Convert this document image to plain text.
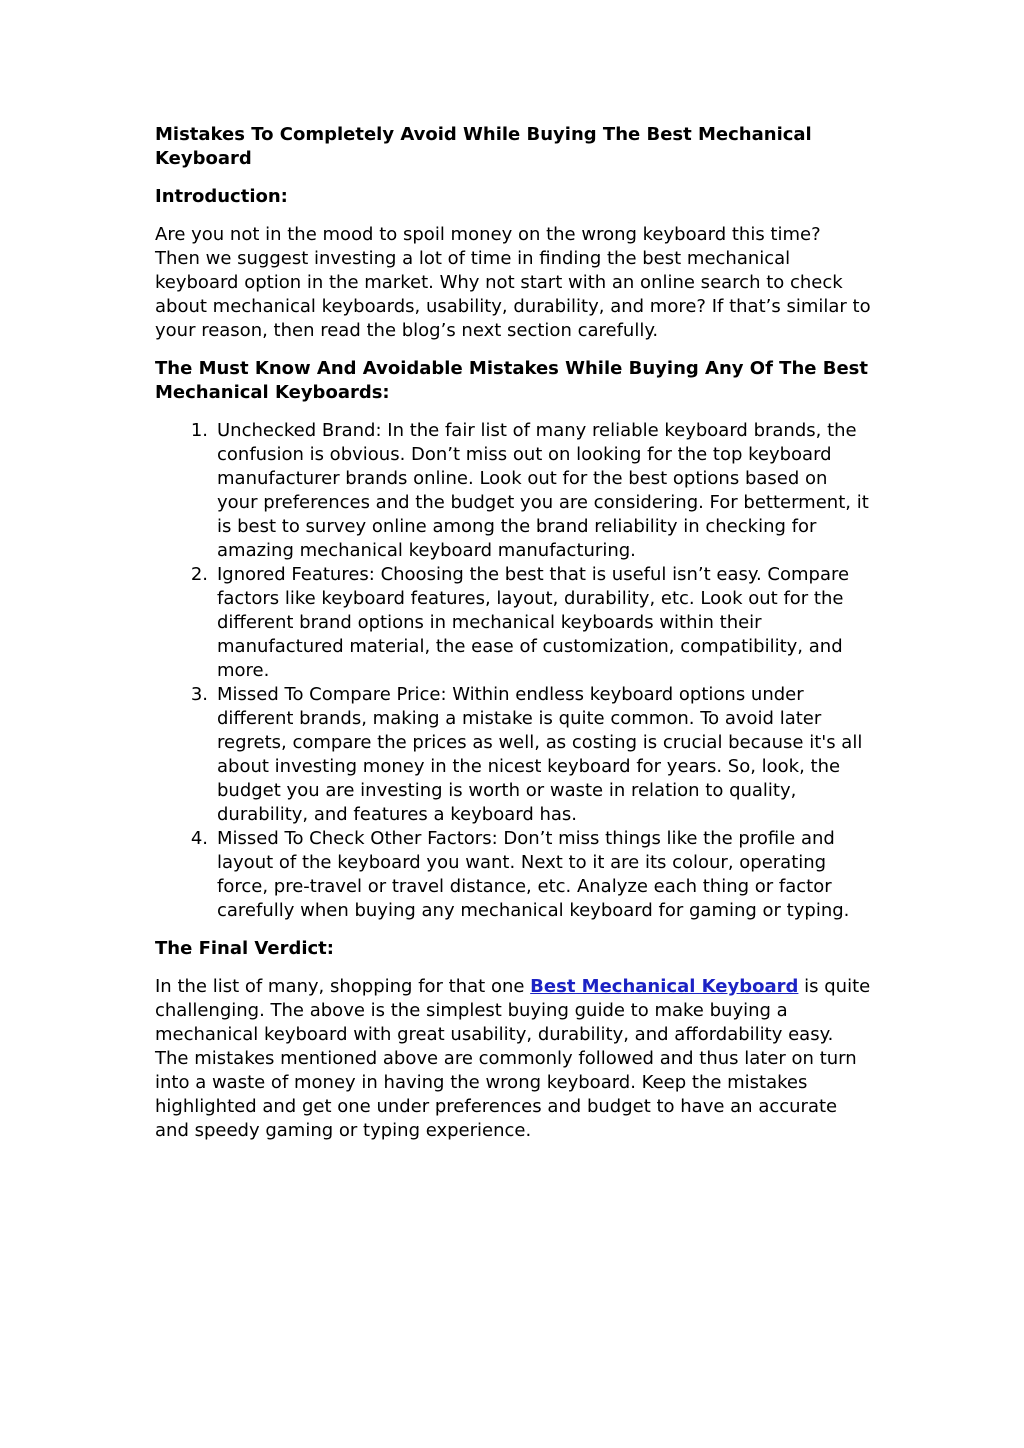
Mistakes To Completely Avoid While Buying The Best Mechanical Keyboard
Introduction:

Are you not in the mood to spoil money on the wrong keyboard this time? Then we suggest investing a lot of time in finding the best mechanical keyboard option in the market. Why not start with an online search to check about mechanical keyboards, usability, durability, and more? If that’s similar to your reason, then read the blog’s next section carefully.

The Must Know And Avoidable Mistakes While Buying Any Of The Best Mechanical Keyboards:
1. Unchecked Brand: In the fair list of many reliable keyboard brands, the confusion is obvious. Don’t miss out on looking for the top keyboard manufacturer brands online. Look out for the best options based on your preferences and the budget you are considering. For betterment, it is best to survey online among the brand reliability in checking for amazing mechanical keyboard manufacturing.
2. Ignored Features: Choosing the best that is useful isn’t easy. Compare factors like keyboard features, layout, durability, etc. Look out for the different brand options in mechanical keyboards within their manufactured material, the ease of customization, compatibility, and more.
3. Missed To Compare Price: Within endless keyboard options under different brands, making a mistake is quite common. To avoid later regrets, compare the prices as well, as costing is crucial because it's all about investing money in the nicest keyboard for years. So, look, the budget you are investing is worth or waste in relation to quality, durability, and features a keyboard has.
4. Missed To Check Other Factors: Don’t miss things like the profile and layout of the keyboard you want. Next to it are its colour, operating force, pre-travel or travel distance, etc. Analyze each thing or factor carefully when buying any mechanical keyboard for gaming or typing.
The Final Verdict:

In the list of many, shopping for that one Best Mechanical Keyboard is quite challenging. The above is the simplest buying guide to make buying a mechanical keyboard with great usability, durability, and affordability easy. The mistakes mentioned above are commonly followed and thus later on turn into a waste of money in having the wrong keyboard. Keep the mistakes highlighted and get one under preferences and budget to have an accurate and speedy gaming or typing experience.
